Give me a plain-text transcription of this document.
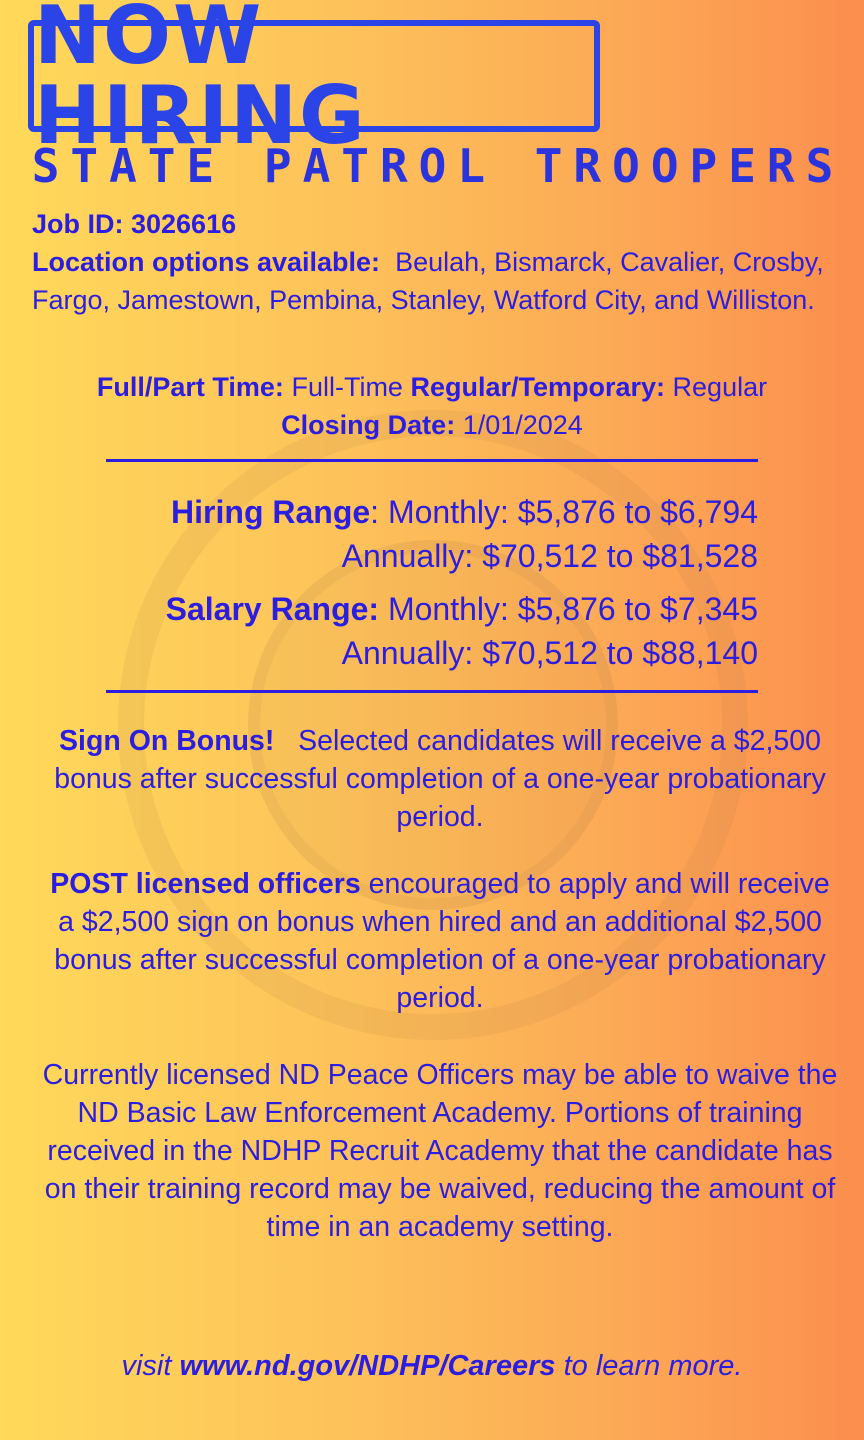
NOW HIRING
STATE PATROL TROOPERS
Job ID: 3026616
Location options available: Beulah, Bismarck, Cavalier, Crosby, Fargo, Jamestown, Pembina, Stanley, Watford City, and Williston.
Full/Part Time: Full-Time Regular/Temporary: Regular
Closing Date: 1/01/2024
Hiring Range: Monthly: $5,876 to $6,794
Annually: $70,512 to $81,528
Salary Range: Monthly: $5,876 to $7,345
Annually: $70,512 to $88,140
Sign On Bonus! Selected candidates will receive a $2,500 bonus after successful completion of a one-year probationary period.
POST licensed officers encouraged to apply and will receive a $2,500 sign on bonus when hired and an additional $2,500 bonus after successful completion of a one-year probationary period.
Currently licensed ND Peace Officers may be able to waive the ND Basic Law Enforcement Academy. Portions of training received in the NDHP Recruit Academy that the candidate has on their training record may be waived, reducing the amount of time in an academy setting.
visit www.nd.gov/NDHP/Careers to learn more.
